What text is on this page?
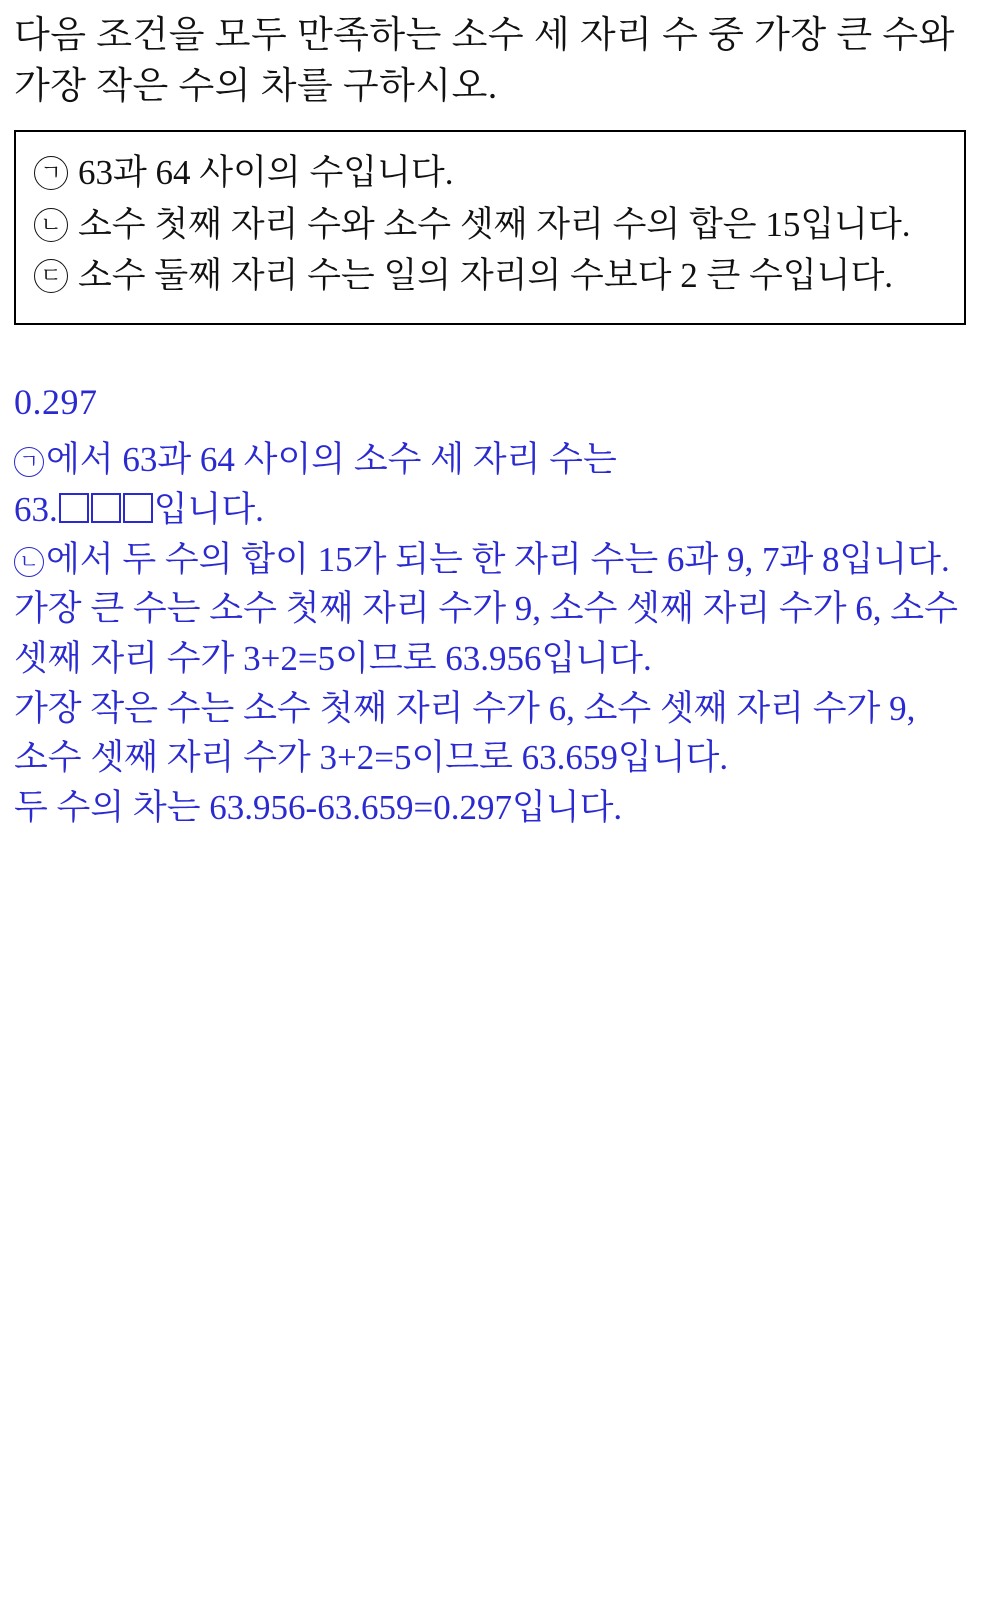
다음 조건을 모두 만족하는 소수 세 자리 수 중 가장 큰 수와 가장 작은 수의 차를 구하시오.
ㄱ 63과 64 사이의 수입니다.
ㄴ 소수 첫째 자리 수와 소수 셋째 자리 수의 합은 15입니다.
ㄷ 소수 둘째 자리 수는 일의 자리의 수보다 2 큰 수입니다.
0.297
ㄱ 에서 63과 64 사이의 소수 세 자리 수는
63.	입니다.
ㄴ 에서 두 수의 합이 15가 되는 한 자리 수는 6과 9, 7과 8입니다.
가장 큰 수는 소수 첫째 자리 수가 9, 소수 셋째 자리 수가 6, 소수 셋째 자리 수가 3+2=5이므로 63.956입니다.
가장 작은 수는 소수 첫째 자리 수가 6, 소수 셋째 자리 수가 9, 소수 셋째 자리 수가 3+2=5이므로 63.659입니다.
두 수의 차는 63.956-63.659=0.297입니다.
